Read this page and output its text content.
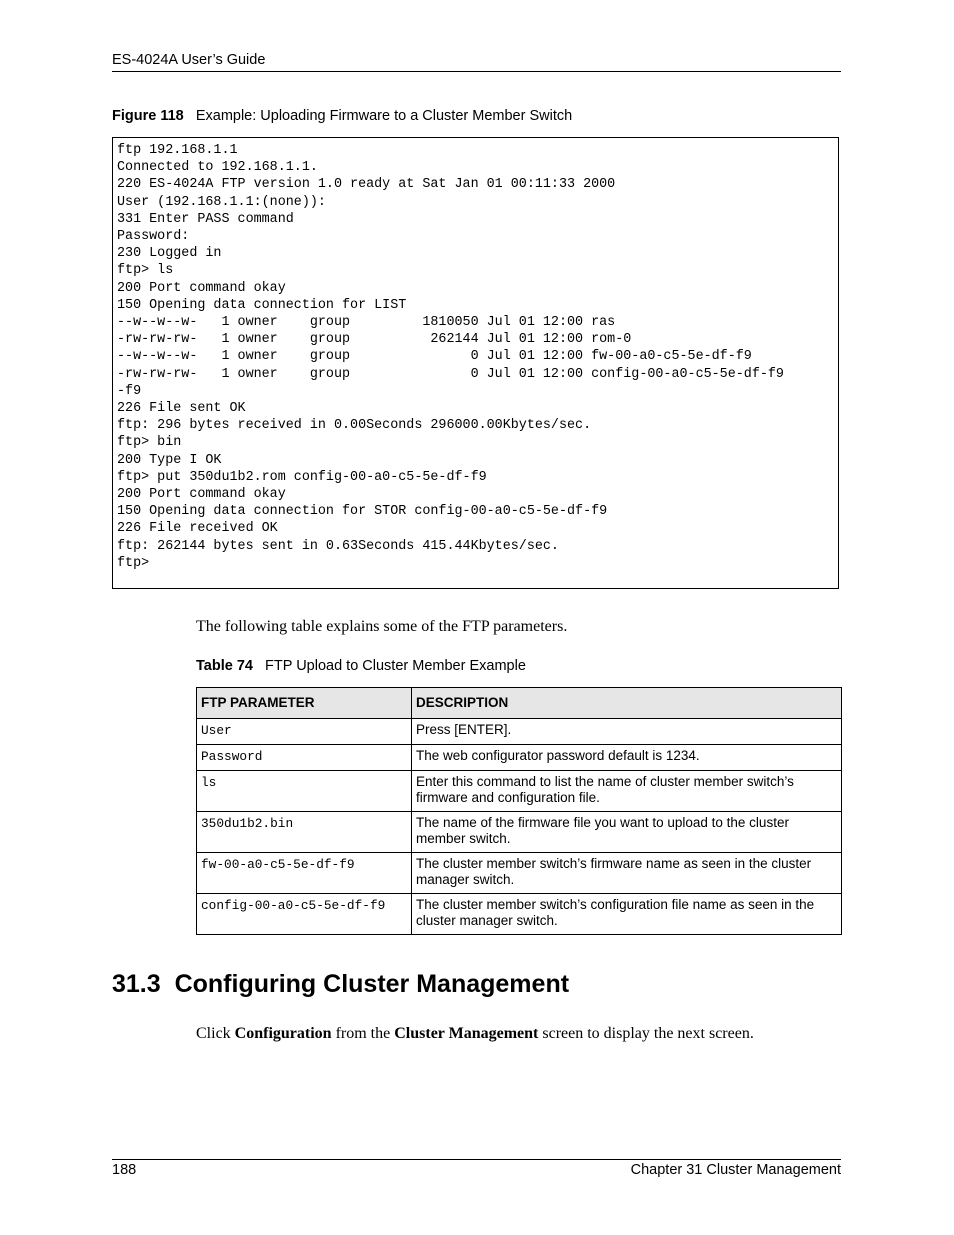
ES-4024A User’s Guide
Figure 118 Example: Uploading Firmware to a Cluster Member Switch
ftp 192.168.1.1
Connected to 192.168.1.1.
220 ES-4024A FTP version 1.0 ready at Sat Jan 01 00:11:33 2000
User (192.168.1.1:(none)):
331 Enter PASS command
Password:
230 Logged in
ftp> ls
200 Port command okay
150 Opening data connection for LIST
--w--w--w-   1 owner    group         1810050 Jul 01 12:00 ras
-rw-rw-rw-   1 owner    group          262144 Jul 01 12:00 rom-0
--w--w--w-   1 owner    group               0 Jul 01 12:00 fw-00-a0-c5-5e-df-f9
-rw-rw-rw-   1 owner    group               0 Jul 01 12:00 config-00-a0-c5-5e-df-f9
-f9
226 File sent OK
ftp: 296 bytes received in 0.00Seconds 296000.00Kbytes/sec.
ftp> bin
200 Type I OK
ftp> put 350du1b2.rom config-00-a0-c5-5e-df-f9
200 Port command okay
150 Opening data connection for STOR config-00-a0-c5-5e-df-f9
226 File received OK
ftp: 262144 bytes sent in 0.63Seconds 415.44Kbytes/sec.
ftp>
The following table explains some of the FTP parameters.
Table 74 FTP Upload to Cluster Member Example
FTP PARAMETER	DESCRIPTION
User	Press [ENTER].
Password	The web configurator password default is 1234.
ls	Enter this command to list the name of cluster member switch’s firmware and configuration file.
350du1b2.bin	The name of the firmware file you want to upload to the cluster member switch.
fw-00-a0-c5-5e-df-f9	The cluster member switch’s firmware name as seen in the cluster manager switch.
config-00-a0-c5-5e-df-f9	The cluster member switch’s configuration file name as seen in the cluster manager switch.
31.3 Configuring Cluster Management
Click Configuration from the Cluster Management screen to display the next screen.
188	Chapter 31 Cluster Management
